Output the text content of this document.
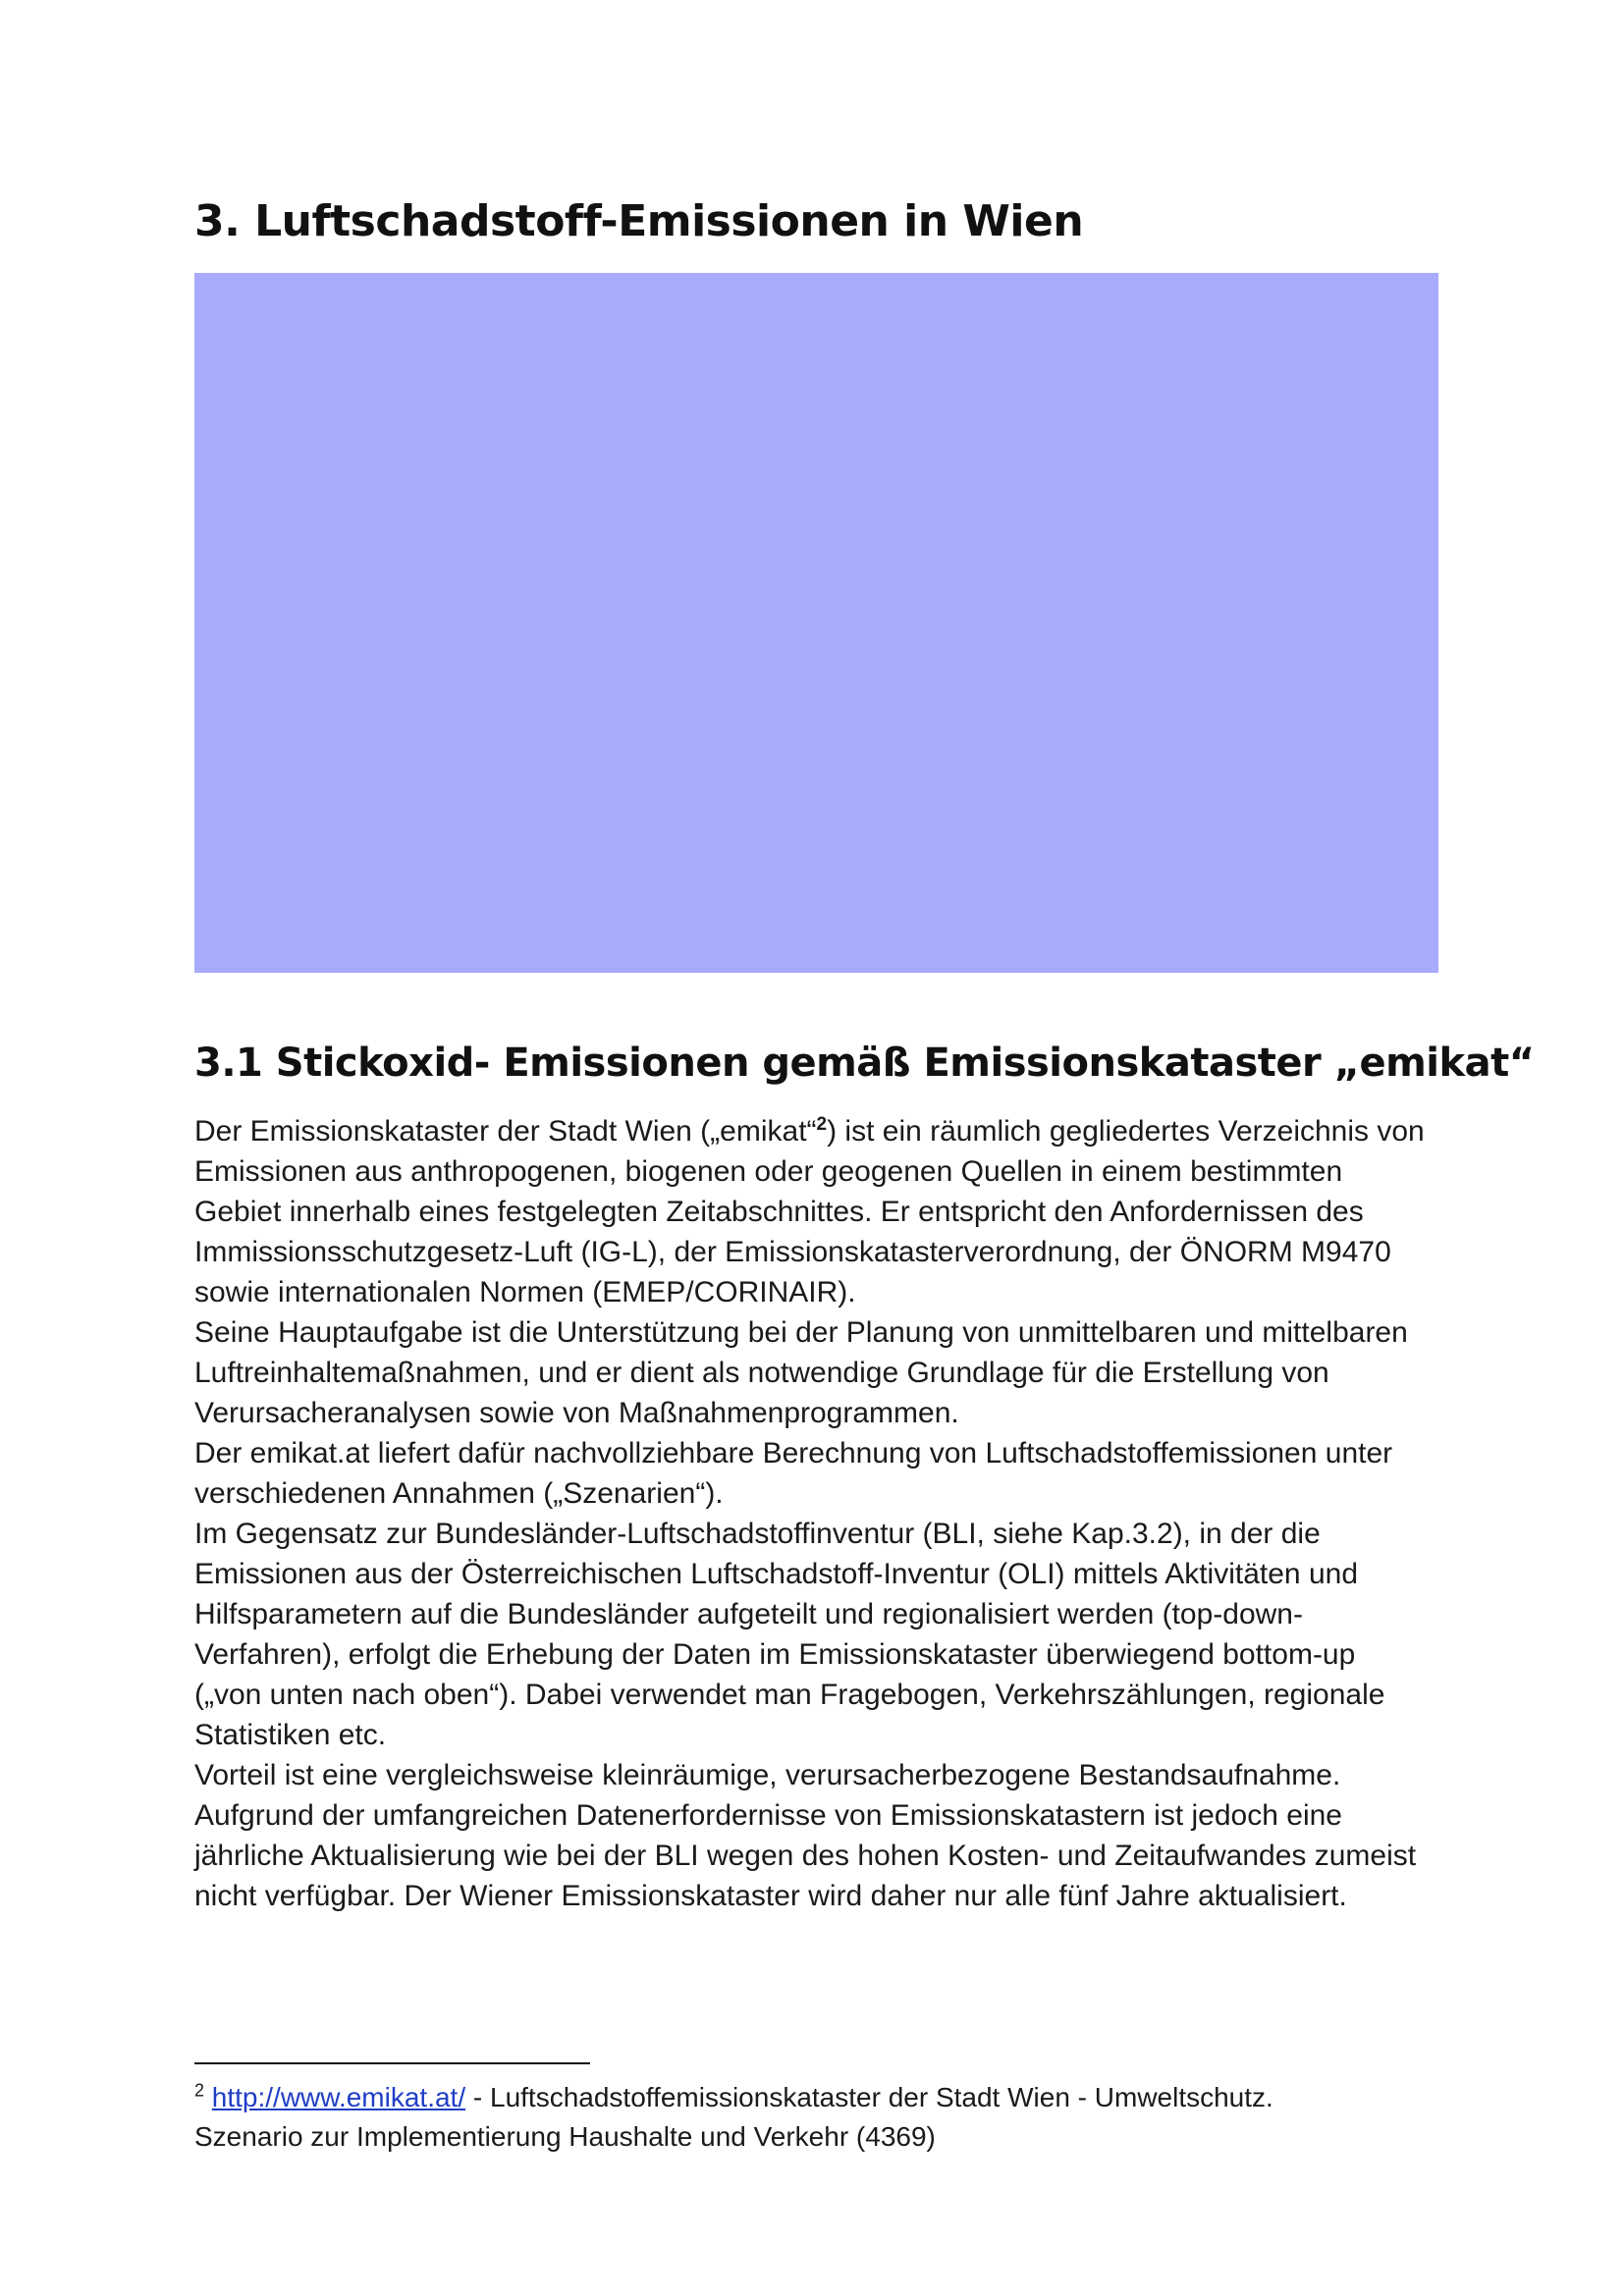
3. Luftschadstoff-Emissionen in Wien
3.1 Stickoxid- Emissionen gemäß Emissionskataster „emikat“

Der Emissionskataster der Stadt Wien („emikat“$^2$) ist ein räumlich gegliedertes Verzeichnis von

Emissionen aus anthropogenen, biogenen oder geogenen Quellen in einem bestimmten

Gebiet innerhalb eines festgelegten Zeitabschnittes. Er entspricht den Anfordernissen des

Immissionsschutzgesetz-Luft (IG-L), der Emissionskatasterverordnung, der ÖNORM M9470

sowie internationalen Normen (EMEP/CORINAIR).

Seine Hauptaufgabe ist die Unterstützung bei der Planung von unmittelbaren und mittelbaren

Luftreinhaltemaßnahmen, und er dient als notwendige Grundlage für die Erstellung von

Verursacheranalysen sowie von Maßnahmenprogrammen.

Der emikat.at liefert dafür nachvollziehbare Berechnung von Luftschadstoffemissionen unter

verschiedenen Annahmen („Szenarien“).

Im Gegensatz zur Bundesländer-Luftschadstoffinventur (BLI, siehe Kap.3.2), in der die

Emissionen aus der Österreichischen Luftschadstoff-Inventur (OLI) mittels Aktivitäten und

Hilfsparametern auf die Bundesländer aufgeteilt und regionalisiert werden (top-down-

Verfahren), erfolgt die Erhebung der Daten im Emissionskataster überwiegend bottom-up

(„von unten nach oben“). Dabei verwendet man Fragebogen, Verkehrszählungen, regionale

Statistiken etc.

Vorteil ist eine vergleichsweise kleinräumige, verursacherbezogene Bestandsaufnahme.

Aufgrund der umfangreichen Datenerfordernisse von Emissionskatastern ist jedoch eine

jährliche Aktualisierung wie bei der BLI wegen des hohen Kosten- und Zeitaufwandes zumeist

nicht verfügbar. Der Wiener Emissionskataster wird daher nur alle fünf Jahre aktualisiert.

$^2$ http://www.emikat.at/ - Luftschadstoffemissionskataster der Stadt Wien - Umweltschutz.

Szenario zur Implementierung Haushalte und Verkehr (4369)
